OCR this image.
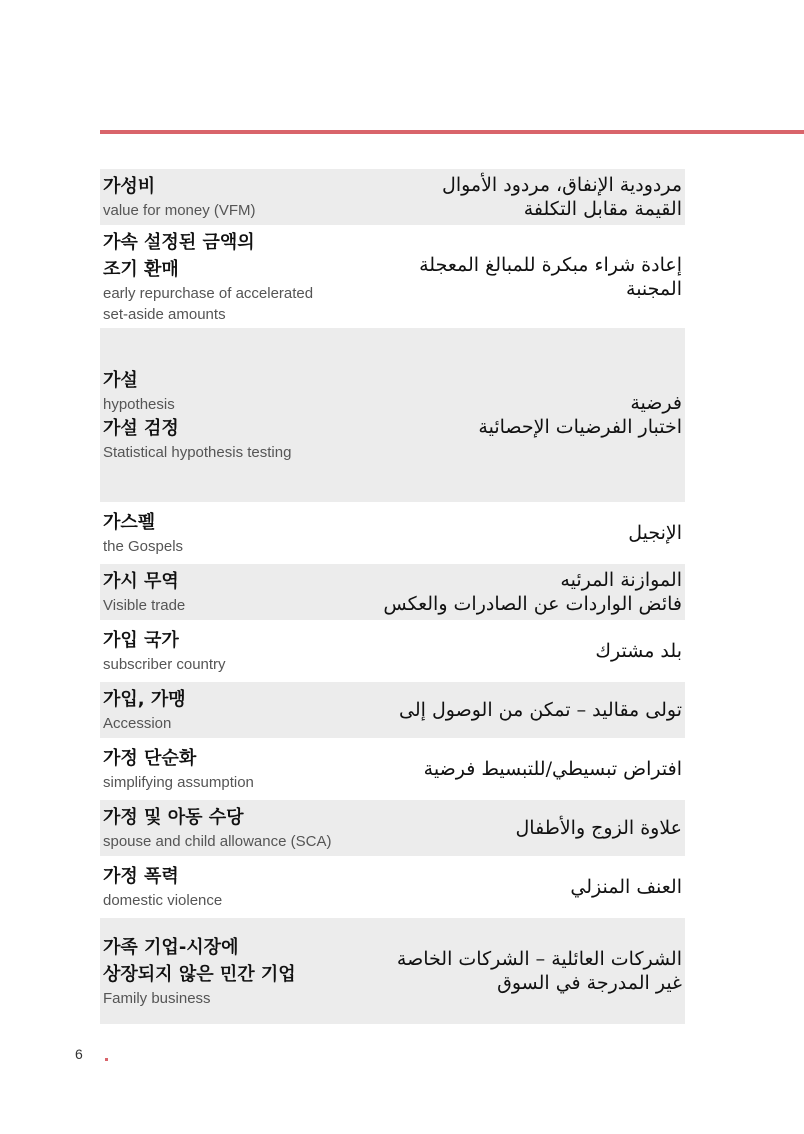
가성비
value for money (VFM)
مردودية الإنفاق، مردود الأموال
القيمة مقابل التكلفة
가속 설정된 금액의
조기 환매
early repurchase of accelerated
set-aside amounts
إعادة شراء مبكرة للمبالغ المعجلة
المجنبة
가설
hypothesis
가설 검정
Statistical hypothesis testing
فرضية
اختبار الفرضيات الإحصائية
가스펠
the Gospels
الإنجيل
가시 무역
Visible trade
الموازنة المرئيه
فائض الواردات عن الصادرات والعكس
가입 국가
subscriber country
بلد مشترك
가입, 가맹
Accession
تولى مقاليد – تمكن من الوصول إلى
가정 단순화
simplifying assumption
افتراض تبسيطي/للتبسيط فرضية
가정 및 아동 수당
spouse and child allowance (SCA)
علاوة الزوج والأطفال
가정 폭력
domestic violence
العنف المنزلي
가족 기업-시장에
상장되지 않은 민간 기업
Family business
الشركات العائلية – الشركات الخاصة
غير المدرجة في السوق
6
